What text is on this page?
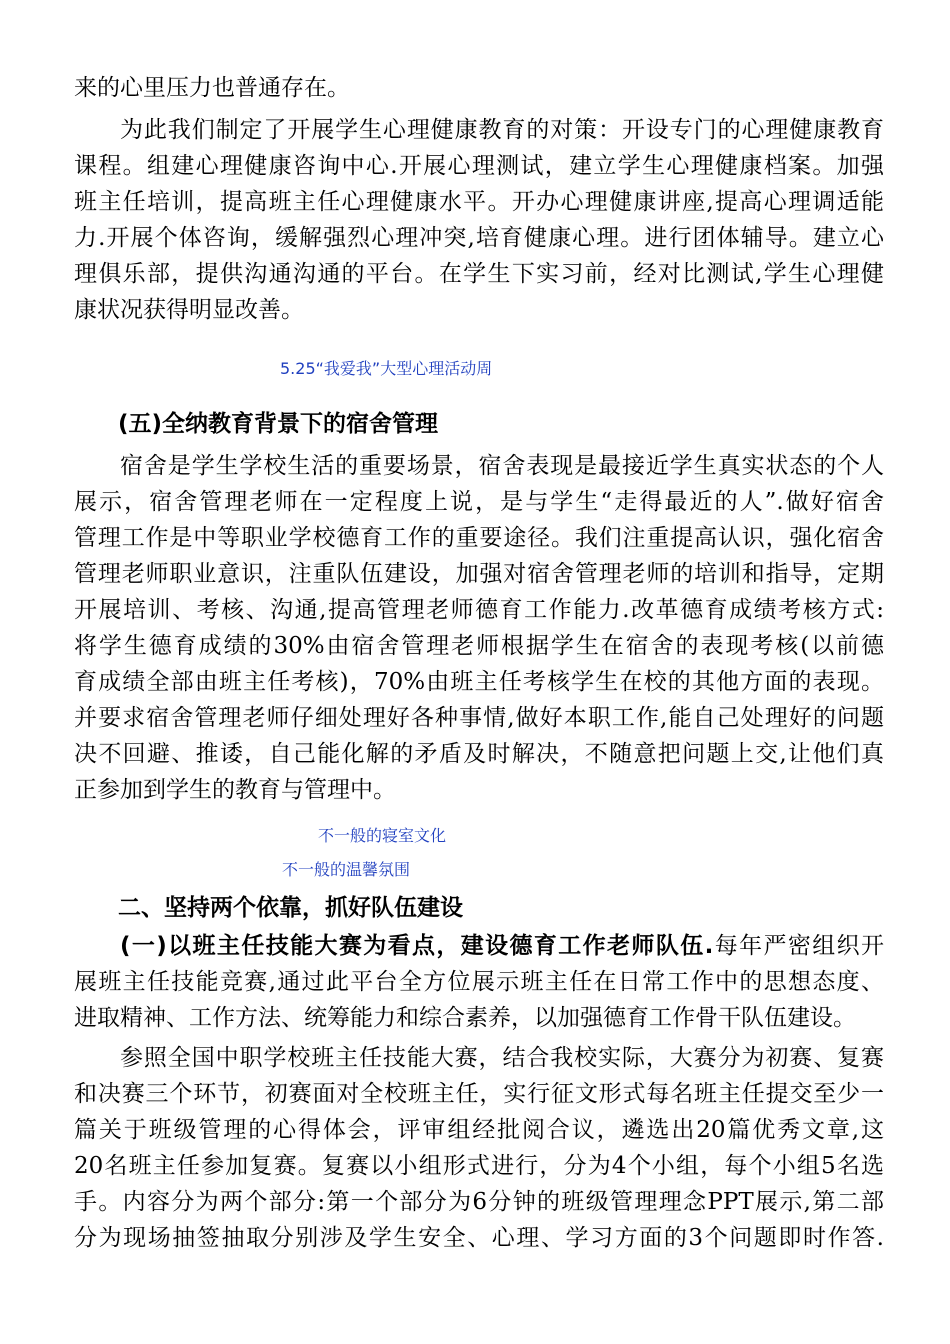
来的心里压力也普通存在。
为此我们制定了开展学生心理健康教育的对策：开设专门的心理健康教育
课程。组建心理健康咨询中心.开展心理测试，建立学生心理健康档案。加强
班主任培训，提高班主任心理健康水平。开办心理健康讲座,提高心理调适能
力.开展个体咨询，缓解强烈心理冲突,培育健康心理。进行团体辅导。建立心
理俱乐部，提供沟通沟通的平台。在学生下实习前，经对比测试,学生心理健
康状况获得明显改善。
5.25“我爱我”大型心理活动周
(五)全纳教育背景下的宿舍管理
宿舍是学生学校生活的重要场景，宿舍表现是最接近学生真实状态的个人
展示，宿舍管理老师在一定程度上说，是与学生“走得最近的人”.做好宿舍
管理工作是中等职业学校德育工作的重要途径。我们注重提高认识，强化宿舍
管理老师职业意识，注重队伍建设，加强对宿舍管理老师的培训和指导，定期
开展培训、考核、沟通,提高管理老师德育工作能力.改革德育成绩考核方式:
将学生德育成绩的30%由宿舍管理老师根据学生在宿舍的表现考核(以前德
育成绩全部由班主任考核)，70%由班主任考核学生在校的其他方面的表现。
并要求宿舍管理老师仔细处理好各种事情,做好本职工作,能自己处理好的问题
决不回避、推诿，自己能化解的矛盾及时解决，不随意把问题上交,让他们真
正参加到学生的教育与管理中。
不一般的寝室文化
不一般的温馨氛围
二、坚持两个依靠，抓好队伍建设
(一)以班主任技能大赛为看点，建设德育工作老师队伍.每年严密组织开
展班主任技能竞赛,通过此平台全方位展示班主任在日常工作中的思想态度、
进取精神、工作方法、统筹能力和综合素养，以加强德育工作骨干队伍建设。
参照全国中职学校班主任技能大赛，结合我校实际，大赛分为初赛、复赛
和决赛三个环节，初赛面对全校班主任，实行征文形式每名班主任提交至少一
篇关于班级管理的心得体会，评审组经批阅合议，遴选出20篇优秀文章,这
20名班主任参加复赛。复赛以小组形式进行，分为4个小组，每个小组5名选
手。内容分为两个部分:第一个部分为6分钟的班级管理理念PPT展示,第二部
分为现场抽签抽取分别涉及学生安全、心理、学习方面的3个问题即时作答.
